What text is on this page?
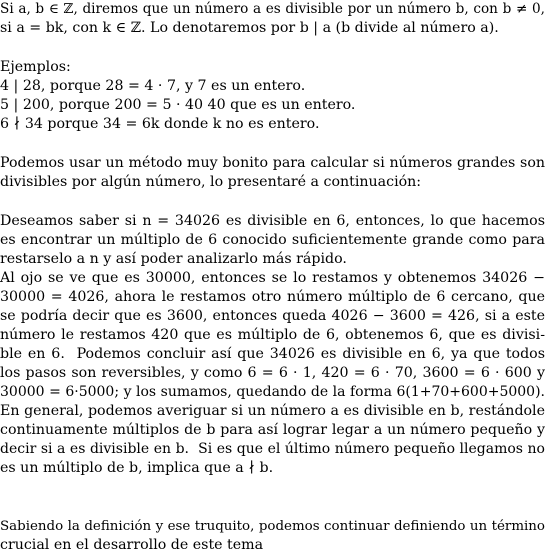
Si a, b ∈ ℤ, diremos que un número a es divisible por un número b, con b ≠ 0,
si a = bk, con k ∈ ℤ. Lo denotaremos por b | a (b divide al número a).
Ejemplos:
4 | 28, porque 28 = 4 · 7, y 7 es un entero.
5 | 200, porque 200 = 5 · 40 40 que es un entero.
6 ∤ 34 porque 34 = 6k donde k no es entero.
Podemos usar un método muy bonito para calcular si números grandes son
divisibles por algún número, lo presentaré a continuación:
Deseamos saber si n = 34026 es divisible en 6, entonces, lo que hacemos
es encontrar un múltiplo de 6 conocido suficientemente grande como para
restarselo a n y así poder analizarlo más rápido.
Al ojo se ve que es 30000, entonces se lo restamos y obtenemos 34026 −
30000 = 4026, ahora le restamos otro número múltiplo de 6 cercano, que
se podría decir que es 3600, entonces queda 4026 − 3600 = 426, si a este
número le restamos 420 que es múltiplo de 6, obtenemos 6, que es divisi-
ble en 6.  Podemos concluir así que 34026 es divisible en 6, ya que todos
los pasos son reversibles, y como 6 = 6 · 1, 420 = 6 · 70, 3600 = 6 · 600 y
30000 = 6·5000; y los sumamos, quedando de la forma 6(1+70+600+5000).
En general, podemos averiguar si un número a es divisible en b, restándole
continuamente múltiplos de b para así lograr legar a un número pequeño y
decir si a es divisible en b.  Si es que el último número pequeño llegamos no
es un múltiplo de b, implica que a ∤ b.
Sabiendo la definición y ese truquito, podemos continuar definiendo un término
crucial en el desarrollo de este tema
